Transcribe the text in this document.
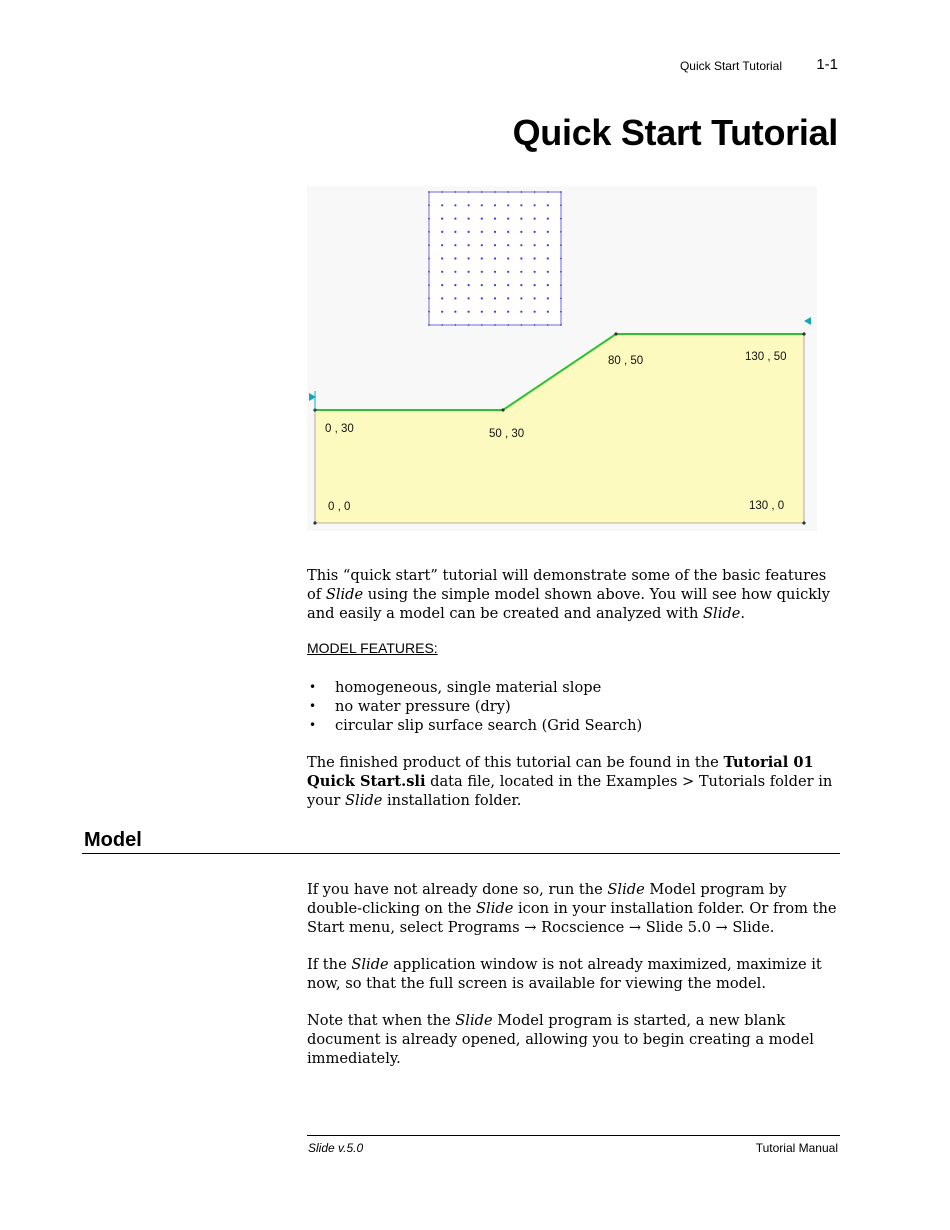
Quick Start Tutorial 1-1
Quick Start Tutorial
80 , 50	130 , 50
0 , 30	50 , 30
0 , 0	130 , 0

This “quick start” tutorial will demonstrate some of the basic features of Slide using the simple model shown above. You will see how quickly and easily a model can be created and analyzed with Slide.

MODEL FEATURES:

• homogeneous, single material slope
• no water pressure (dry)
• circular slip surface search (Grid Search)

The finished product of this tutorial can be found in the Tutorial 01 Quick Start.sli data file, located in the Examples > Tutorials folder in your Slide installation folder.

Model

If you have not already done so, run the Slide Model program by double-clicking on the Slide icon in your installation folder. Or from the Start menu, select Programs → Rocscience → Slide 5.0 → Slide.

If the Slide application window is not already maximized, maximize it now, so that the full screen is available for viewing the model.

Note that when the Slide Model program is started, a new blank document is already opened, allowing you to begin creating a model immediately.

Slide v.5.0	Tutorial Manual
